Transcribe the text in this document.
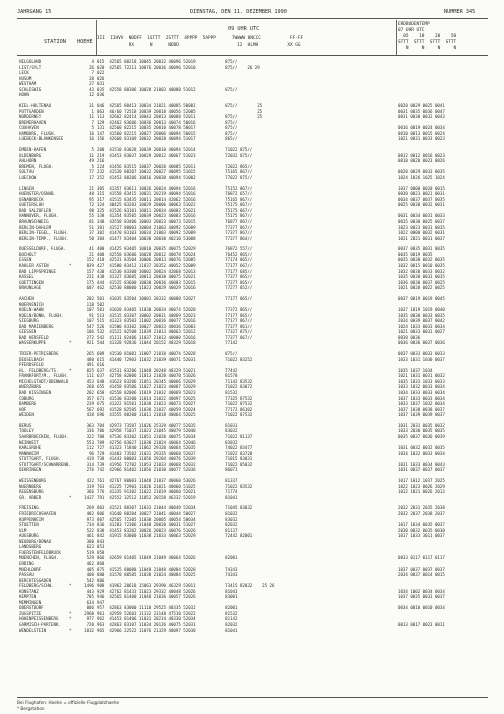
JAHRGANG 15	DIENSTAG, DEN 11. DEZEMBER 1990	NUMMER 345
09 UHR UTC
STATION HOEHE
III  IIHVV  NDDFF  1STTT  2STTT  4PPPP  5APPP      7WWWW 8NCCC           FF-FF
RX      N      NDDD                      12  HLMH           XX GG
ERDBODENTEMP
07 UHR UTC
05    10    20    50
STTT  STTT  STTT  STTT
N     N     N     N
HELGOLAND	4 015  42565 80218 10045 20032 40096 52019            875//
LIST/SYLT	26 020  42565 72211 10076 20036 40096 52010            875//    26 29
LECK	7 022
HUSUM	28 026
WESTHAM	27 031
SCHLESWIG	43 035  42558 80306 10028 21003 40080 51012            875//
HOHN	12 036
KIEL-HOLTENAU	31 046  42565 80413 10034 21021 40085 50001            875//        25	0020 0029 0025 0041
PUTTGARDEN	1 063  46/60 72518 10039 20018 40056 52005                         25	0031 0035 0036 0047
NORDERNEY	11 113  42662 82414 10043 20013 40088 52011            875//        25	0031 0030 0032 0043
BREMERHAVEN	7 129  42462 83606 10036 20013 40074 50016            875//
CUXHAVEN	5 131  42560 82215 10035 20010 40078 50017            875//	0016 0019 0024 0034
HAMBURG, FLUGH.	16 147  41560 82215 10027 20006 40094 50015            875//	0010 0013 0015 0024
LUEBECK-BLANKENSEE	16 156  42660 83109 10032 20028 40094 51017            865//	1021 0031 0033 0023
EMDEN-HAFEN	5 200  41510 83028 10039 20010 40094 52014            71022 875//
OLDENBURG	11 219  41453 83037 10029 20012 40067 51023            72032 875//	0012 0012 0016 0023
AHLHORN	49 216	0010 0020 0023 0026
BREMEN, FLUGH.	5 224  41456 83515 10037 20020 40085 52011            72022 865//
SOLTAU	77 232  41520 80207 10032 20027 40095 51015            75165 867//	0020 0029 0033 0035
LUECHOW	17 252  41453 80206 10016 20030 40094 51002            77022 875//	1024 1026 1025 1024
LINGEN	21 305  41357 83611 10026 20024 40094 52016            75152 867//	1037 0000 0020 0015
HUENSTER/OSNAB.	48 315  41558 83415 10031 20219 40094 51016            76872 657//	0030 0023 0021 0031
OSNABRUECK	95 317  41515 83435 10011 20014 42062 52016            75165 867//	0034 0037 0037 0035
GUETERSLOH	72 324  40425 83203 10029 20006 40063 51022            75175 867//	0025 0030 0032 0031
BAD SALZUFLEN	98 325  41526 83101 10011 20034 40082 52021            75175 867//
HANNOVER, FLUGH.	55 338  41354 83505 10039 20023 40083 52016            75175 867//	0031 0034 0031 0033
BRAUNSCHWEIG	81 348  43558 83406 10003 20023 40073 52015            76877 867//	0015 0030 0025 0037
BERLIN-DAHLEM	51 381  41527 80003 10004 21003 40092 52009            77377 867//	1023 0023 0031 0035
BERLIN-TEGEL, FLUGH.	37 382  41470 83103 10034 21003 40092 52009            77377 867//	1022 0000 0032 0031
BERLIN-TEMP., FLUGH.	50 384  41477 83404 10030 20030 40210 53008            77377 864//	1031 2021 0031 0037
DUESSELDORF, FLUGH.	41 400  41425 83405 10010 20035 40075 52029            76872 557//	0037 0035 0031 0035
BOCHOLT	21 408  42558 83606 10028 20012 40078 52024            76452 865//	0035 0019 0035
ESSEN	152 410  42531 83504 10006 20013 40076 52005            77174 865//	0035 0030 0032 0035
KAHLER ASTEN	*	839 427  41500 83412 11037 20352 40052 52009            77177 667//	1032 0015 0010 0035
BAD LIPPSPRINGE	157 430  41530 83300 10002 20024 42068 52013            77177 685//	1032 0030 0033 0032
KASSEL	231 438  41327 83605 10013 20030 40075 52021            77377 865//	1035 0030 0033 0035
GOETTINGEN	175 444  41525 83600 10030 20036 40083 52015            77277 865//	1036 0030 0037 0025
BRAUNLAGE	607 462  42530 80000 11023 20029 40029 52016            77277 852//	1021 0020 0022 0025
AACHEN	202 501  41035 83504 10001 20332 40080 52027            77177 865//	0037 0019 0019 0045
NOERVENICH	118 502
KOELN-WAHN	107 501  41020 83405 11030 20034 40074 52020            77372 865//	1037 1019 1019 0040
KOELN/BONN, FLUGH.	91 513  41515 83307 10002 20031 40069 52023            77177 865//	1035 0030 0033 0035
SIEGBURG	107 515  41323 83503 11002 20036 40077 52016            77177 867//	2034 0039 0037 0042
BAD MARIENBERG	547 526  41500 83302 10027 20033 40036 52003            77377 861//	1024 1033 0033 0034
GIESSEN	186 532  41522 82508 11039 21013 40063 52012            77327 875//	1021 0033 0031 0027
BAD HERSFELD	272 542  41111 82406 11037 21013 40000 52016            77377 867//	0030 0036
WASSERKUPPE	*	921 544  41328 92836 11044 20152 48329 52018            77142	0036 0036 0037 0036
TRIER-PETRISBERG	265 609  41530 81001 11007 21018 40074 52028            875//	0037 0033 0033 0033
DEUSELBACH	480 615  41440 72903 11032 21039 40071 52031            71022 83252	1033 1031 1030 0037
PFERDSFELD	491 616
HL. FELDBERG/TS.	*	825 637  41531 83206 11048 20248 48329 51021            77442	1035 1037 1034
FRANKFURT/M., FLUGH.	111 637  42758 82006 11013 21020 40070 51026            81578	1021 1031 0031 0032
MICHELSTADT/ODENWALD	453 648  41623 83206 11051 20345 40066 52029            71142 83532	1035 1033 1033 0033
WUERZBURG	268 655  41458 83506 11027 21023 40087 52029            71022 83072	1033 1032 0033 0034
BAD KISSINGEN	282 658  42558 82006 11019 21032 40069 52023            81532	1034 1033 0033 0034
COBURG	357 671  41530 83200 11014 21022 40097 52025            77325 87532	1037 1033 0033 0034
BAMBERG	239 675  41322 81501 11038 21023 40073 52027            71022 87532	1033 1037 1032 0034
HOF	567 692  41528 82505 11038 21037 40059 52024            77172 86102	1037 1038 0038 0037
WEIDEN	438 696  41555 80200 11011 21018 40064 52025            71022 87532	1037 1039 0039 0037
BERUS	363 704  42973 73507 11026 25329 40077 52035            81031	1031 2031 0035 0032
TOOLEY	336 706  42958 71037 11023 21045 40079 52040            83032	1033 2030 0035 0035
SAARBRUECKEN, FLUGH.	322 708  47536 83302 11051 21020 40075 52034            71022 81137	0035 0037 0036 0039
NEINHEIT	553 709  42756 83027 11038 21024 40064 52046            83032
KARLSRUHE	112 727  41323 71840 11062 29320 40064 52035            74022 83477	1031 0032 0032 0035
MANNHEIM	96 729  41403 73502 11031 29335 40068 52037            71022 83720	1034 1032 0033 0034
STUTTGART, FLUGH.	419 738  41443 80003 11056 29204 40076 52039            71015 83031
STUTTGART/SCHNARRENB.	314 739  41956 72702 11053 21033 40068 52032            71022 85032	1031 1033 0034 0043
OEHRINGEN	276 742  42966 81402 11056 21030 40077 52036            86071	1031 0037 0037 0037
WEISSENBURG	422 761  42767 80003 11048 21037 40060 53026            81337	1017 1012 1037 2025
NUERNBERG	319 763  41225 72903 11026 21021 40060 51025            71022 83532	1022 1023 0026 2029
REGENSBURG	366 776  41335 91302 11022 21019 40060 52021            71774	1012 1021 0026 2013
GR. ARBER	*	1437 791  42552 32512 11052 20158 46332 52019            81041
FREISING	269 803  41521 80307 11033 21044 40049 52034            71045 83032	2032 2031 2035 2038
FRIEDRICHSHAFEN	402 806  41640 80204 10027 21041 40044 50027            81032	2032 2037 2038 2037
KUPPENHEIM	973 807  42565 72305 11030 20005 40054 50034            83032
STOETTEN	734 836  41203 72306 11040 20020 40031 51027            82032	1017 1034 0035 0037
ULM	522 838  41453 83202 10026 20023 40076 51026            81137	2030 0032 0035 0030
AUGSBURG	461 842  41915 83000 11038 21033 40063 52029            72442 82001	1017 1033 3011 0037
NEUBURG/DONAU	380 843
LANDSBERG	623 853
FUERSTENFELDBRUCK	519 858
MUENCHEN, FLUGH.	529 866  42659 81405 11049 21049 40064 52026            82001	0033 0117 0117 0117
ERDING	462 868
MUEHLDORF	405 875  41525 80008 11048 21048 40084 52020            74343	1037 0037 0037 0037
PASSAU	408 880  41570 80505 11038 21024 40084 52025            74343	2034 0037 0014 0015
BERCHTESGADEN	542 886
FELDBERG/SCHW.	*	1496 908  41962 20618 15063 29390 46329 53011            73415 82032    25 26
KONSTANZ	443 929  42762 81433 11023 29332 40048 52026            81043	1034 1002 0034 0034
KEMPTEN	705 946  42565 81400 11048 21036 40057 52026            83001	1037 0035 0033 0037
MEMMINGEN	634 947
OBERSTDORF	806 957  42863 83000 11110 29525 48335 52032            82001	0034 0010 0010 0034
ZUGSPITZE	*	2960 961  42959 52603 11332 23148 47510 52022            81532
HOHENPEISSENBERG	*	977 962  41453 81406 11031 20214 48330 52034            81142
GARMISCH-PARTENK.	720 963  42863 83107 11034 20126 40075 52031            82032	0013 0017 0023 0011
WENDELSTEIN	*	1832 965  42966 22522 11076 21329 48097 52030            81041
Bei Flughafen: Hoehe = offizielle Flugplatzhoehe
* Bergstation
